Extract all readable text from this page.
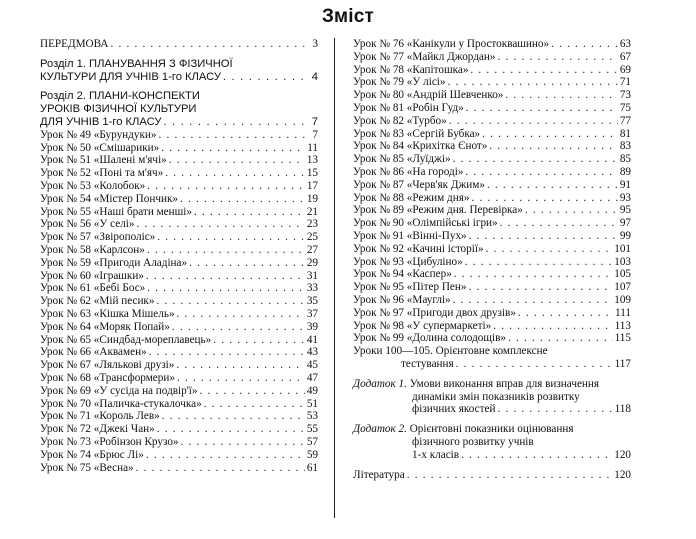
Зміст
ПЕРЕДМОВА . . .	3
Розділ 1. ПЛАНУВАННЯ З ФІЗИЧНОЇ
КУЛЬТУРИ ДЛЯ УЧНІВ 1-го КЛАСУ . . .	4
Розділ 2. ПЛАНИ-КОНСПЕКТИ
УРОКІВ ФІЗИЧНОЇ КУЛЬТУРИ
ДЛЯ УЧНІВ 1-го КЛАСУ . . .	7
Урок № 49 «Бурундуки» . . .	7
Урок № 50 «Смішарики» . . .	11
Урок № 51 «Шалені м'ячі» . . .	13
Урок № 52 «Поні та м'яч» . . .	15
Урок № 53 «Колобок» . . .	17
Урок № 54 «Містер Пончик» . . .	19
Урок № 55 «Наші брати менші» . . .	21
Урок № 56 «У селі» . . .	23
Урок № 57 «Звірополіс» . . .	25
Урок № 58 «Карлсон» . . .	27
Урок № 59 «Пригоди Аладіна» . . .	29
Урок № 60 «Іграшки» . . .	31
Урок № 61 «Бебі Бос» . . .	33
Урок № 62 «Мій песик» . . .	35
Урок № 63 «Кішка Мішель» . . .	37
Урок № 64 «Моряк Попай» . . .	39
Урок № 65 «Синдбад-мореплавець» . . .	41
Урок № 66 «Аквамен» . . .	43
Урок № 67 «Лялькові друзі» . . .	45
Урок № 68 «Трансформери» . . .	47
Урок № 69 «У сусіда на подвір'ї» . . .	49
Урок № 70 «Паличка-стукалочка» . . .	51
Урок № 71 «Король Лев» . . .	53
Урок № 72 «Джекі Чан» . . .	55
Урок № 73 «Робінзон Крузо» . . .	57
Урок № 74 «Брюс Лі» . . .	59
Урок № 75 «Весна» . . .	61
Урок № 76 «Канікули у Простоквашино» . . .	63
Урок № 77 «Майкл Джордан» . . .	67
Урок № 78 «Капітошка» . . .	69
Урок № 79 «У лісі» . . .	71
Урок № 80 «Андрій Шевченко» . . .	73
Урок № 81 «Робін Гуд» . . .	75
Урок № 82 «Турбо» . . .	77
Урок № 83 «Сергій Бубка» . . .	81
Урок № 84 «Крихітка Єнот» . . .	83
Урок № 85 «Луїджі» . . .	85
Урок № 86 «На городі» . . .	89
Урок № 87 «Черв'як Джим» . . .	91
Урок № 88 «Режим дня» . . .	93
Урок № 89 «Режим дня. Перевірка» . . .	95
Урок № 90 «Олімпійські ігри» . . .	97
Урок № 91 «Вінні-Пух» . . .	99
Урок № 92 «Качині історії» . . .	101
Урок № 93 «Цибуліно» . . .	103
Урок № 94 «Каспер» . . .	105
Урок № 95 «Пітер Пен» . . .	107
Урок № 96 «Мауглі» . . .	109
Урок № 97 «Пригоди двох друзів» . . .	111
Урок № 98 «У супермаркеті» . . .	113
Урок № 99 «Долина солодощів» . . .	115
Уроки 100—105. Орієнтовне комплексне
тестування . . .	117
Додаток 1. Умови виконання вправ для визначення
динаміки змін показників розвитку
фізичних якостей . . .	118
Додаток 2. Орієнтовні показники оцінювання
фізичного розвитку учнів
1-х класів . . .	120
Література . . .	120
